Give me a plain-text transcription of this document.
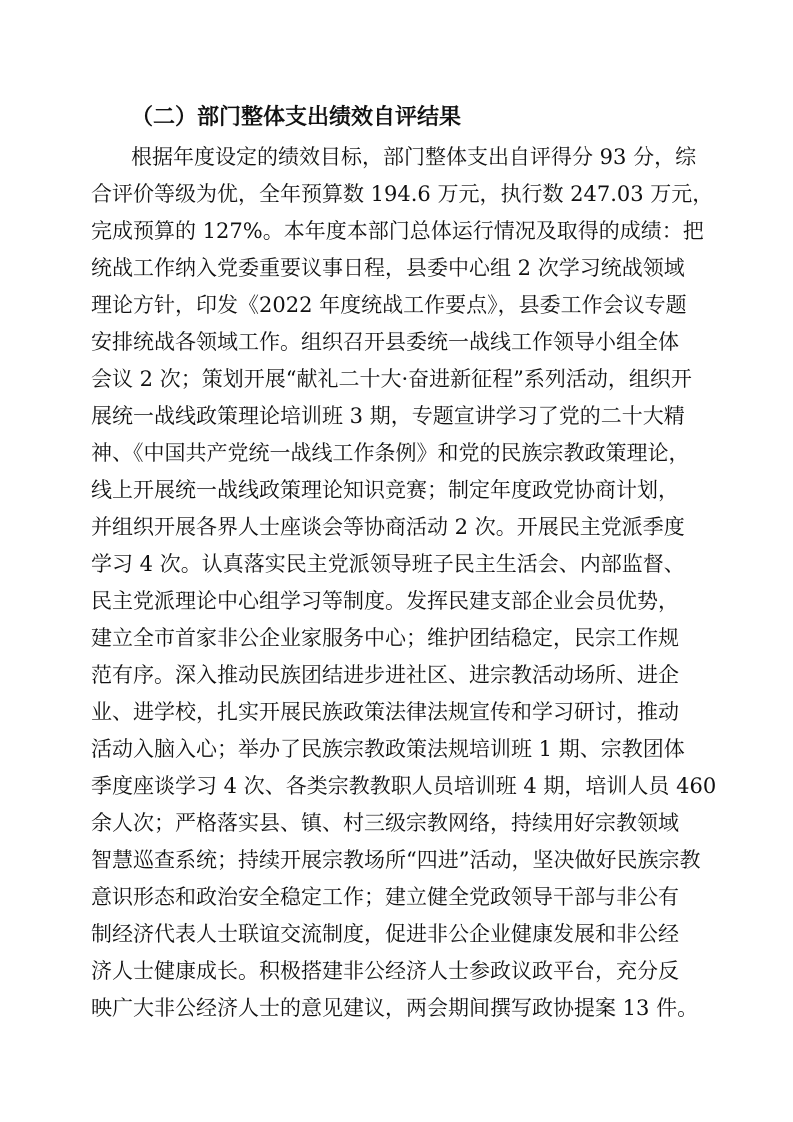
（二）部门整体支出绩效自评结果

根据年度设定的绩效目标，部门整体支出自评得分 93 分，综

合评价等级为优，全年预算数 194.6 万元，执行数 247.03 万元，

完成预算的 127%。本年度本部门总体运行情况及取得的成绩：把

统战工作纳入党委重要议事日程，县委中心组 2 次学习统战领域

理论方针，印发《2022 年度统战工作要点》，县委工作会议专题

安排统战各领域工作。组织召开县委统一战线工作领导小组全体

会议 2 次；策划开展“献礼二十大·奋进新征程”系列活动，组织开

展统一战线政策理论培训班 3 期，专题宣讲学习了党的二十大精

神、《中国共产党统一战线工作条例》和党的民族宗教政策理论，

线上开展统一战线政策理论知识竞赛；制定年度政党协商计划，

并组织开展各界人士座谈会等协商活动 2 次。开展民主党派季度

学习 4 次。认真落实民主党派领导班子民主生活会、内部监督、

民主党派理论中心组学习等制度。发挥民建支部企业会员优势，

建立全市首家非公企业家服务中心；维护团结稳定，民宗工作规

范有序。深入推动民族团结进步进社区、进宗教活动场所、进企

业、进学校，扎实开展民族政策法律法规宣传和学习研讨，推动

活动入脑入心；举办了民族宗教政策法规培训班 1 期、宗教团体

季度座谈学习 4 次、各类宗教教职人员培训班 4 期，培训人员 460

余人次；严格落实县、镇、村三级宗教网络，持续用好宗教领域

智慧巡查系统；持续开展宗教场所“四进”活动，坚决做好民族宗教

意识形态和政治安全稳定工作；建立健全党政领导干部与非公有

制经济代表人士联谊交流制度，促进非公企业健康发展和非公经

济人士健康成长。积极搭建非公经济人士参政议政平台，充分反

映广大非公经济人士的意见建议，两会期间撰写政协提案 13 件。
